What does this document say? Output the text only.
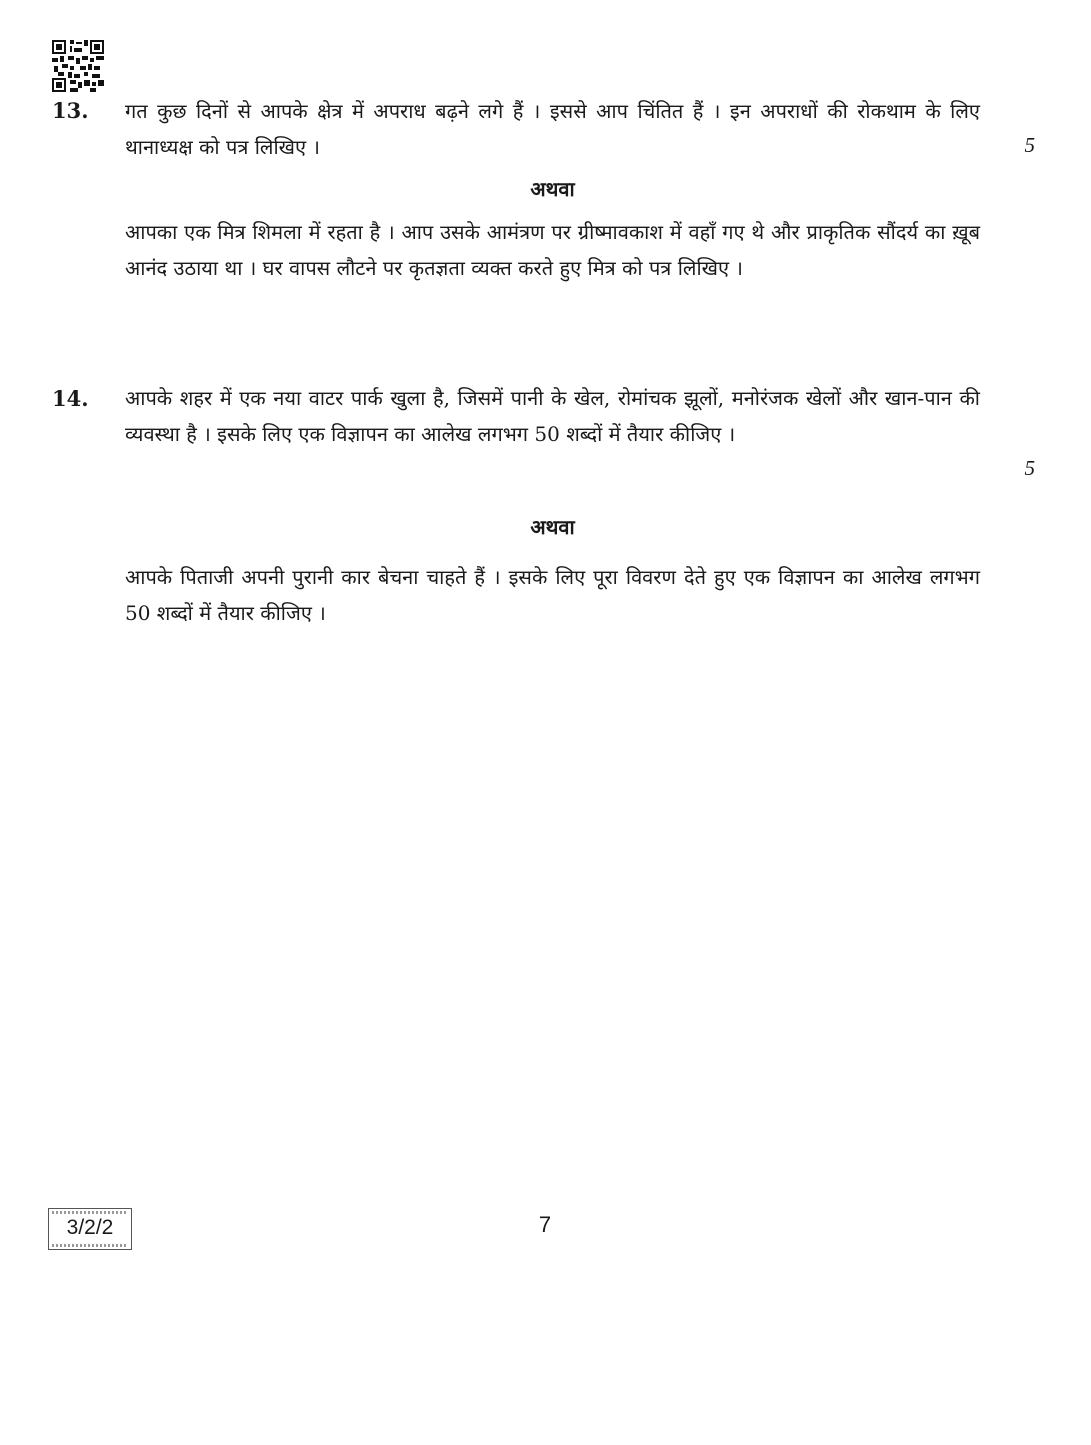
13. गत कुछ दिनों से आपके क्षेत्र में अपराध बढ़ने लगे हैं । इससे आप चिंतित हैं । इन अपराधों की रोकथाम के लिए थानाध्यक्ष को पत्र लिखिए ।	5
अथवा
आपका एक मित्र शिमला में रहता है । आप उसके आमंत्रण पर ग्रीष्मावकाश में वहाँ गए थे और प्राकृतिक सौंदर्य का ख़ूब आनंद उठाया था । घर वापस लौटने पर कृतज्ञता व्यक्त करते हुए मित्र को पत्र लिखिए ।
14. आपके शहर में एक नया वाटर पार्क खुला है, जिसमें पानी के खेल, रोमांचक झूलों, मनोरंजक खेलों और खान-पान की व्यवस्था है । इसके लिए एक विज्ञापन का आलेख लगभग 50 शब्दों में तैयार कीजिए ।
5
अथवा
आपके पिताजी अपनी पुरानी कार बेचना चाहते हैं । इसके लिए पूरा विवरण देते हुए एक विज्ञापन का आलेख लगभग 50 शब्दों में तैयार कीजिए ।
3/2/2	7
